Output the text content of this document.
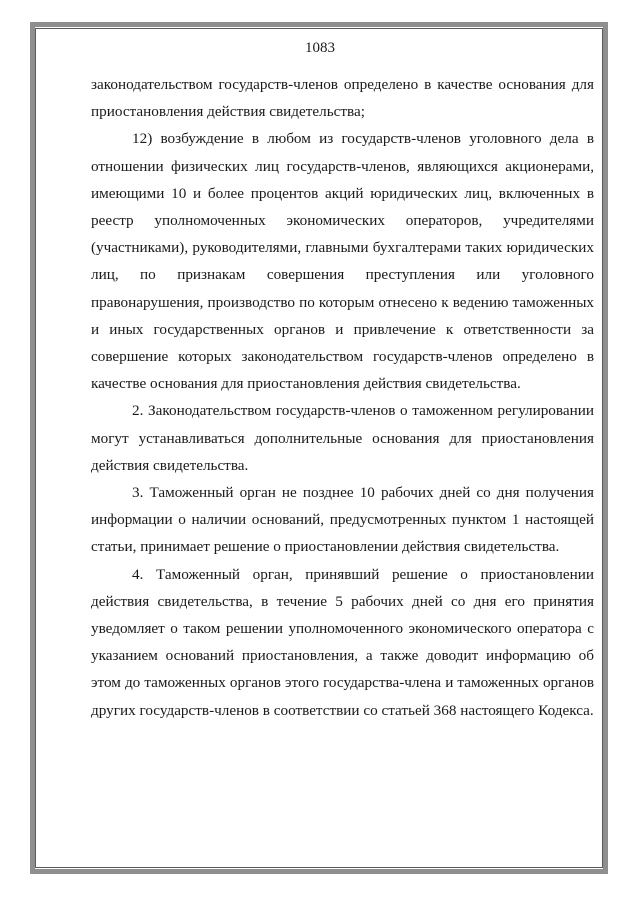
1083

законодательством государств-членов определено в качестве основания для приостановления действия свидетельства;

12) возбуждение в любом из государств-членов уголовного дела в отношении физических лиц государств-членов, являющихся акционерами, имеющими 10 и более процентов акций юридических лиц, включенных в реестр уполномоченных экономических операторов, учредителями (участниками), руководителями, главными бухгалтерами таких юридических лиц, по признакам совершения преступления или уголовного правонарушения, производство по которым отнесено к ведению таможенных и иных государственных органов и привлечение к ответственности за совершение которых законодательством государств-членов определено в качестве основания для приостановления действия свидетельства.

2. Законодательством государств-членов о таможенном регулировании могут устанавливаться дополнительные основания для приостановления действия свидетельства.

3. Таможенный орган не позднее 10 рабочих дней со дня получения информации о наличии оснований, предусмотренных пунктом 1 настоящей статьи, принимает решение о приостановлении действия свидетельства.

4. Таможенный орган, принявший решение о приостановлении действия свидетельства, в течение 5 рабочих дней со дня его принятия уведомляет о таком решении уполномоченного экономического оператора с указанием оснований приостановления, а также доводит информацию об этом до таможенных органов этого государства-члена и таможенных органов других государств-членов в соответствии со статьей 368 настоящего Кодекса.
